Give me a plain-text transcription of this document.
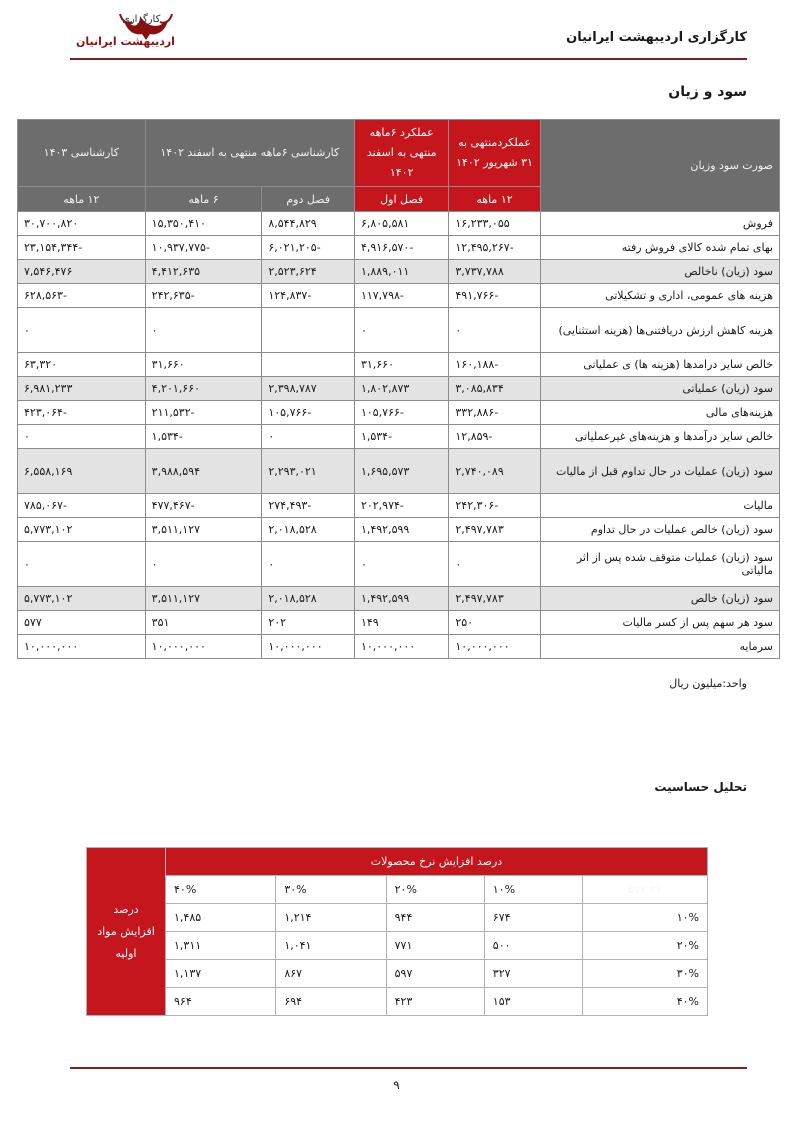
کارگزاری
اردیبهشت ایرانیان	کارگزاری اردیبهشت ایرانیان
سود و زیان
صورت سود وزیان	عملکردمنتهی به ۳۱ شهریور ۱۴۰۲	عملکرد ۶ماهه منتهی به اسفند ۱۴۰۲	کارشناسی ۶ماهه منتهی به اسفند ۱۴۰۲		کارشناسی ۱۴۰۳
	۱۲ ماهه	فصل اول	فصل دوم	۶ ماهه	۱۲ ماهه
فروش	۱۶,۲۳۳,۰۵۵	۶,۸۰۵,۵۸۱	۸,۵۴۴,۸۲۹	۱۵,۳۵۰,۴۱۰	۳۰,۷۰۰,۸۲۰
بهای تمام شده کالای فروش رفته	-۱۲,۴۹۵,۲۶۷	-۴,۹۱۶,۵۷۰	-۶,۰۲۱,۲۰۵	-۱۰,۹۳۷,۷۷۵	-۲۳,۱۵۴,۳۴۴
سود (زیان) ناخالص	۳,۷۳۷,۷۸۸	۱,۸۸۹,۰۱۱	۲,۵۲۳,۶۲۴	۴,۴۱۲,۶۳۵	۷,۵۴۶,۴۷۶
هزینه های عمومی، اداری و تشکیلاتی	-۴۹۱,۷۶۶	-۱۱۷,۷۹۸	-۱۲۴,۸۳۷	-۲۴۲,۶۳۵	-۶۲۸,۵۶۳
هزینه کاهش ارزش دریافتنی‌ها (هزینه استثنایی)	۰	۰		۰	۰
خالص سایر درامدها (هزینه ها) ی عملیاتی	-۱۶۰,۱۸۸	۳۱,۶۶۰		۳۱,۶۶۰	۶۳,۳۲۰
سود (زیان) عملیاتی	۳,۰۸۵,۸۳۴	۱,۸۰۲,۸۷۳	۲,۳۹۸,۷۸۷	۴,۲۰۱,۶۶۰	۶,۹۸۱,۲۳۳
هزینه‌های مالی	-۳۳۲,۸۸۶	-۱۰۵,۷۶۶	-۱۰۵,۷۶۶	-۲۱۱,۵۳۲	-۴۲۳,۰۶۴
خالص سایر درآمدها و هزینه‌های غیرعملیاتی	-۱۲,۸۵۹	-۱,۵۳۴	۰	-۱,۵۳۴	۰
سود (زیان) عملیات در حال تداوم قبل از مالیات	۲,۷۴۰,۰۸۹	۱,۶۹۵,۵۷۳	۲,۲۹۳,۰۲۱	۳,۹۸۸,۵۹۴	۶,۵۵۸,۱۶۹
مالیات	-۲۴۲,۳۰۶	-۲۰۲,۹۷۴	-۲۷۴,۴۹۳	-۴۷۷,۴۶۷	-۷۸۵,۰۶۷
سود (زیان) خالص عملیات در حال تداوم	۲,۴۹۷,۷۸۳	۱,۴۹۲,۵۹۹	۲,۰۱۸,۵۲۸	۳,۵۱۱,۱۲۷	۵,۷۷۳,۱۰۲
سود (زیان) عملیات متوقف شده پس از اثر مالیاتی	۰	۰	۰	۰	۰
سود (زیان) خالص	۲,۴۹۷,۷۸۳	۱,۴۹۲,۵۹۹	۲,۰۱۸,۵۲۸	۳,۵۱۱,۱۲۷	۵,۷۷۳,۱۰۲
سود هر سهم پس از کسر مالیات	۲۵۰	۱۴۹	۲۰۲	۳۵۱	۵۷۷
سرمایه	۱۰,۰۰۰,۰۰۰	۱۰,۰۰۰,۰۰۰	۱۰,۰۰۰,۰۰۰	۱۰,۰۰۰,۰۰۰	۱۰,۰۰۰,۰۰۰
واحد:میلیون ریال
تحلیل حساسیت
درصد افزایش نرخ محصولات					درصد افزایش مواد اولیه
۵۷۷.۳۱	۱۰%	۲۰%	۳۰%	۴۰%	
۱۰%	۶۷۴	۹۴۴	۱,۲۱۴	۱,۴۸۵	
۲۰%	۵۰۰	۷۷۱	۱,۰۴۱	۱,۳۱۱	
۳۰%	۳۲۷	۵۹۷	۸۶۷	۱,۱۳۷	
۴۰%	۱۵۳	۴۲۳	۶۹۴	۹۶۴	
۹
